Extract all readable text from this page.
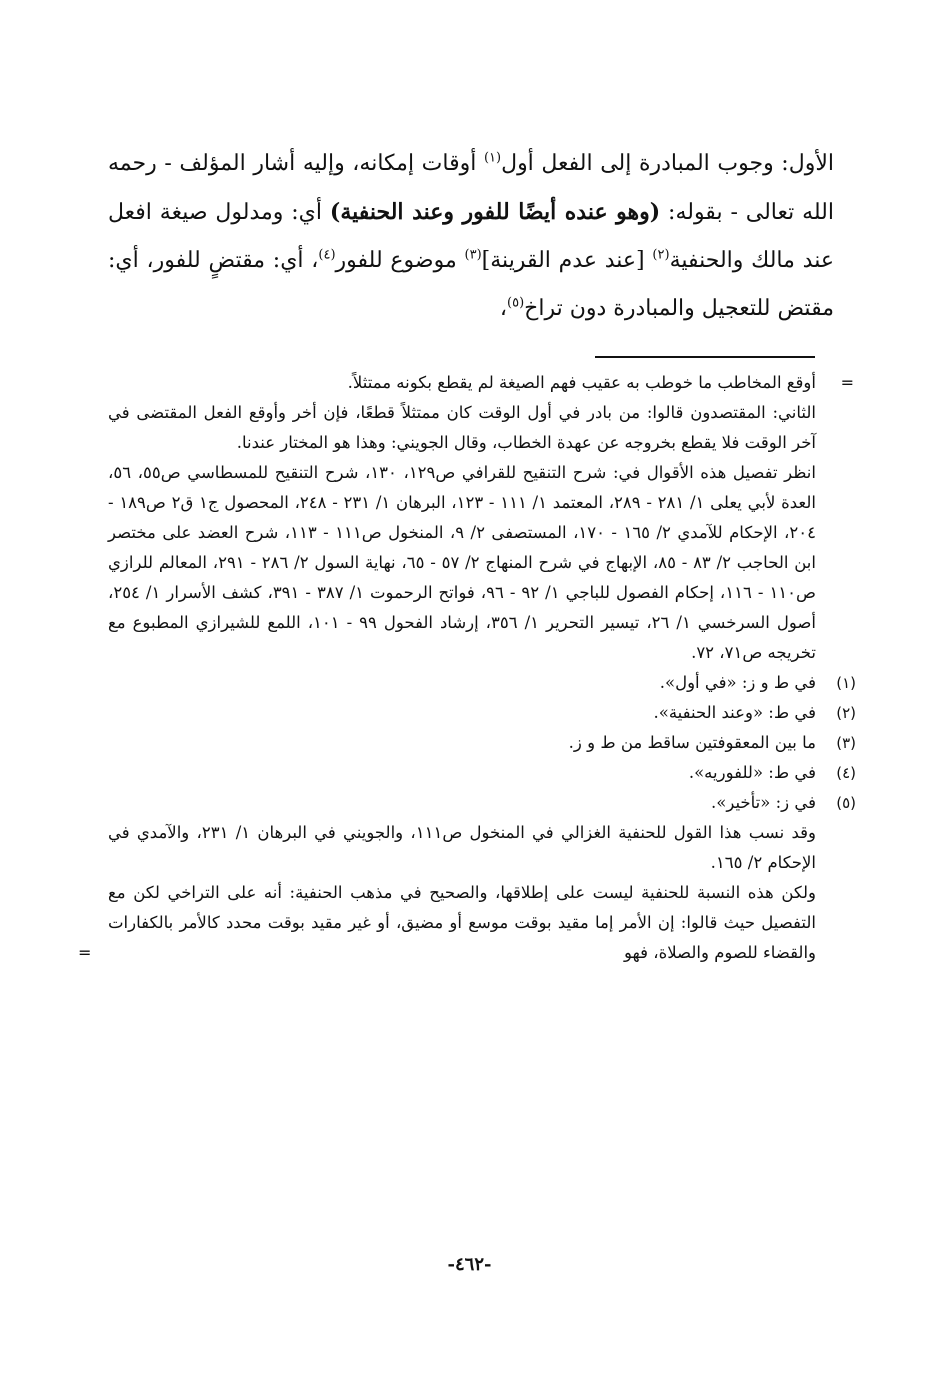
الأول: وجوب المبادرة إلى الفعل أول$^{(١)}$ أوقات إمكانه، وإليه أشار المؤلف - رحمه الله تعالى - بقوله: (وهو عنده أيضًا للفور وعند الحنفية) أي: ومدلول صيغة افعل عند مالك والحنفية$^{(٢)}$ [عند عدم القرينة]$^{(٣)}$ موضوع للفور$^{(٤)}$، أي: مقتضٍ للفور، أي: مقتض للتعجيل والمبادرة دون تراخ$^{(٥)}$،

=
أوقع المخاطب ما خوطب به عقيب فهم الصيغة لم يقطع بكونه ممتثلاً.

الثاني: المقتصدون قالوا: من بادر في أول الوقت كان ممتثلاً قطعًا، فإن أخر وأوقع الفعل المقتضى في آخر الوقت فلا يقطع بخروجه عن عهدة الخطاب، وقال الجويني: وهذا هو المختار عندنا.

انظر تفصيل هذه الأقوال في: شرح التنقيح للقرافي ص١٢٩، ١٣٠، شرح التنقيح للمسطاسي ص٥٥، ٥٦، العدة لأبي يعلى ١/ ٢٨١ - ٢٨٩، المعتمد ١/ ١١١ - ١٢٣، البرهان ١/ ٢٣١ - ٢٤٨، المحصول ج١ ق٢ ص١٨٩ - ٢٠٤، الإحكام للآمدي ٢/ ١٦٥ - ١٧٠، المستصفى ٢/ ٩، المنخول ص١١١ - ١١٣، شرح العضد على مختصر ابن الحاجب ٢/ ٨٣ - ٨٥، الإبهاج في شرح المنهاج ٢/ ٥٧ - ٦٥، نهاية السول ٢/ ٢٨٦ - ٢٩١، المعالم للرازي ص١١٠ - ١١٦، إحكام الفصول للباجي ١/ ٩٢ - ٩٦، فواتح الرحموت ١/ ٣٨٧ - ٣٩١، كشف الأسرار ١/ ٢٥٤، أصول السرخسي ١/ ٢٦، تيسير التحرير ١/ ٣٥٦، إرشاد الفحول ٩٩ - ١٠١، اللمع للشيرازي المطبوع مع تخريجه ص٧١، ٧٢.

(١)
في ط و ز: «في أول».

(٢)
في ط: «وعند الحنفية».

(٣)
ما بين المعقوفتين ساقط من ط و ز.

(٤)
في ط: «للفوريه».

(٥)
في ز: «تأخير».

وقد نسب هذا القول للحنفية الغزالي في المنخول ص١١١، والجويني في البرهان ١/ ٢٣١، والآمدي في الإحكام ٢/ ١٦٥.

ولكن هذه النسبة للحنفية ليست على إطلاقها، والصحيح في مذهب الحنفية: أنه على التراخي لكن مع التفصيل حيث قالوا: إن الأمر إما مقيد بوقت موسع أو مضيق، أو غير مقيد بوقت محدد كالأمر بالكفارات والقضاء للصوم والصلاة، فهو
=

-٤٦٢-
